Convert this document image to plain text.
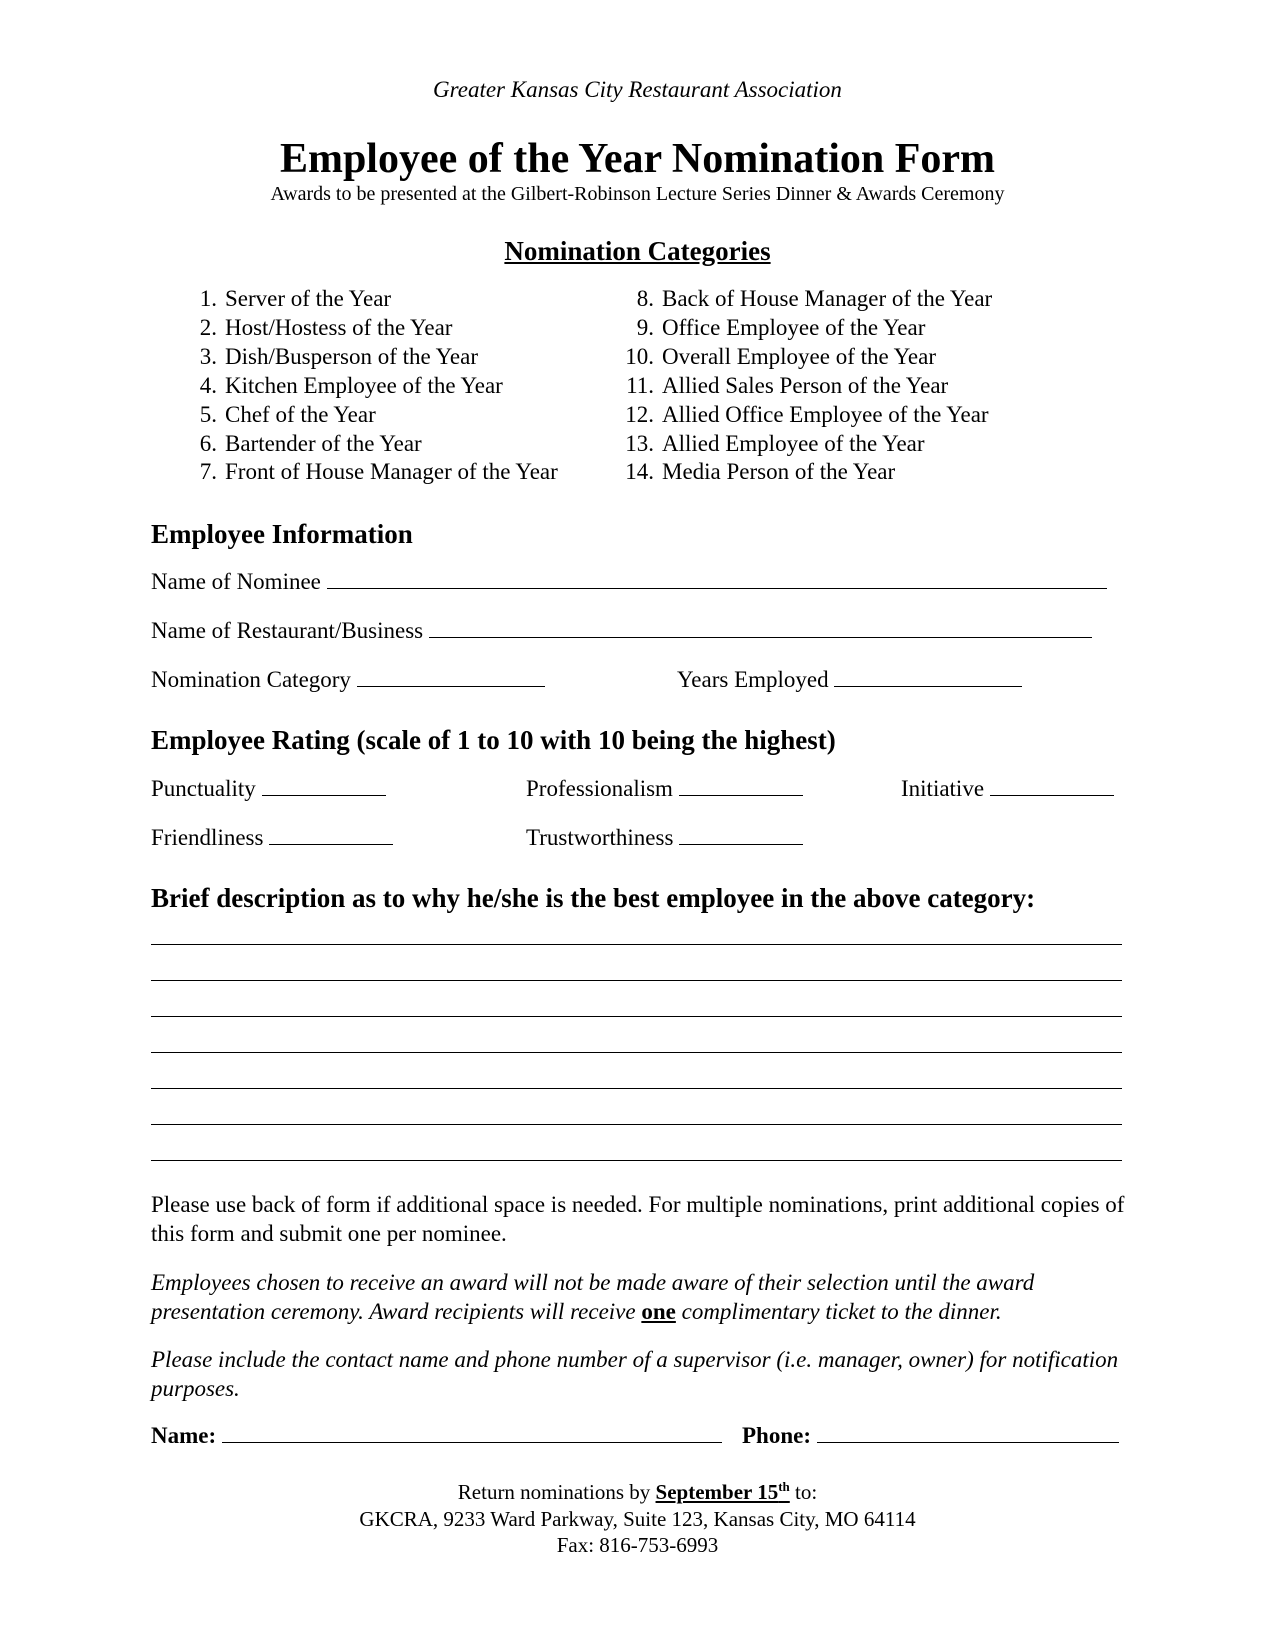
Greater Kansas City Restaurant Association
Employee of the Year Nomination Form
Awards to be presented at the Gilbert-Robinson Lecture Series Dinner & Awards Ceremony
Nomination Categories
1. Server of the Year
2. Host/Hostess of the Year
3. Dish/Busperson of the Year
4. Kitchen Employee of the Year
5. Chef of the Year
6. Bartender of the Year
7. Front of House Manager of the Year
8. Back of House Manager of the Year
9. Office Employee of the Year
10. Overall Employee of the Year
11. Allied Sales Person of the Year
12. Allied Office Employee of the Year
13. Allied Employee of the Year
14. Media Person of the Year
Employee Information
Name of Nominee
Name of Restaurant/Business
Nomination Category	Years Employed
Employee Rating (scale of 1 to 10 with 10 being the highest)
Punctuality	Professionalism	Initiative
Friendliness	Trustworthiness
Brief description as to why he/she is the best employee in the above category:
Please use back of form if additional space is needed. For multiple nominations, print additional copies of this form and submit one per nominee.
Employees chosen to receive an award will not be made aware of their selection until the award presentation ceremony. Award recipients will receive one complimentary ticket to the dinner.
Please include the contact name and phone number of a supervisor (i.e. manager, owner) for notification purposes.
Name:	Phone:
Return nominations by September 15th to:
GKCRA, 9233 Ward Parkway, Suite 123, Kansas City, MO 64114
Fax: 816-753-6993
